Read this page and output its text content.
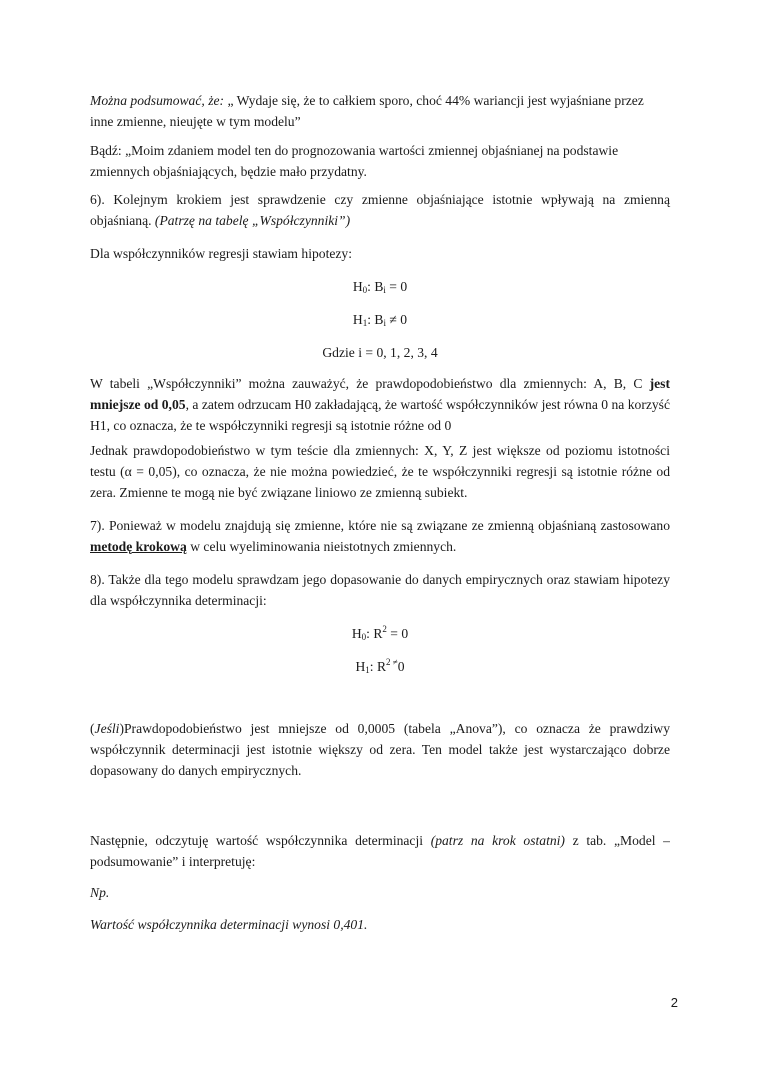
Można podsumować, że: „ Wydaje się, że to całkiem sporo, choć 44% wariancji jest wyjaśniane przez inne zmienne, nieujęte w tym modelu”

Bądź: „Moim zdaniem model ten do prognozowania wartości zmiennej objaśnianej na podstawie zmiennych objaśniających, będzie mało przydatny.

6). Kolejnym krokiem jest sprawdzenie czy zmienne objaśniające istotnie wpływają na zmienną objaśnianą. (Patrzę na tabelę „Współczynniki”)

Dla współczynników regresji stawiam hipotezy:

$H_0$: $B_i = 0$

$H_1$: $B_i \ne 0$

Gdzie i = 0, 1, 2, 3, 4

W tabeli „Współczynniki” można zauważyć, że prawdopodobieństwo dla zmiennych: A, B, C jest mniejsze od 0,05, a zatem odrzucam H0 zakładającą, że wartość współczynników jest równa 0 na korzyść H1, co oznacza, że te współczynniki regresji są istotnie różne od 0

Jednak prawdopodobieństwo w tym teście dla zmiennych: X, Y, Z jest większe od poziomu istotności testu (α = 0,05), co oznacza, że nie można powiedzieć, że te współczynniki regresji są istotnie różne od zera. Zmienne te mogą nie być związane liniowo ze zmienną subiekt.

7). Ponieważ w modelu znajdują się zmienne, które nie są związane ze zmienną objaśnianą zastosowano metodę krokową w celu wyeliminowania nieistotnych zmiennych.

8). Także dla tego modelu sprawdzam jego dopasowanie do danych empirycznych oraz stawiam hipotezy dla współczynnika determinacji:

$H_0$: $R^2 = 0$

$H_1$: $R^{2 \ne}0$

(Jeśli)Prawdopodobieństwo jest mniejsze od 0,0005 (tabela „Anova”), co oznacza że prawdziwy współczynnik determinacji jest istotnie większy od zera. Ten model także jest wystarczająco dobrze dopasowany do danych empirycznych.

Następnie, odczytuję wartość współczynnika determinacji (patrz na krok ostatni) z tab. „Model – podsumowanie” i interpretuję:

Np.

Wartość współczynnika determinacji wynosi 0,401.

2
